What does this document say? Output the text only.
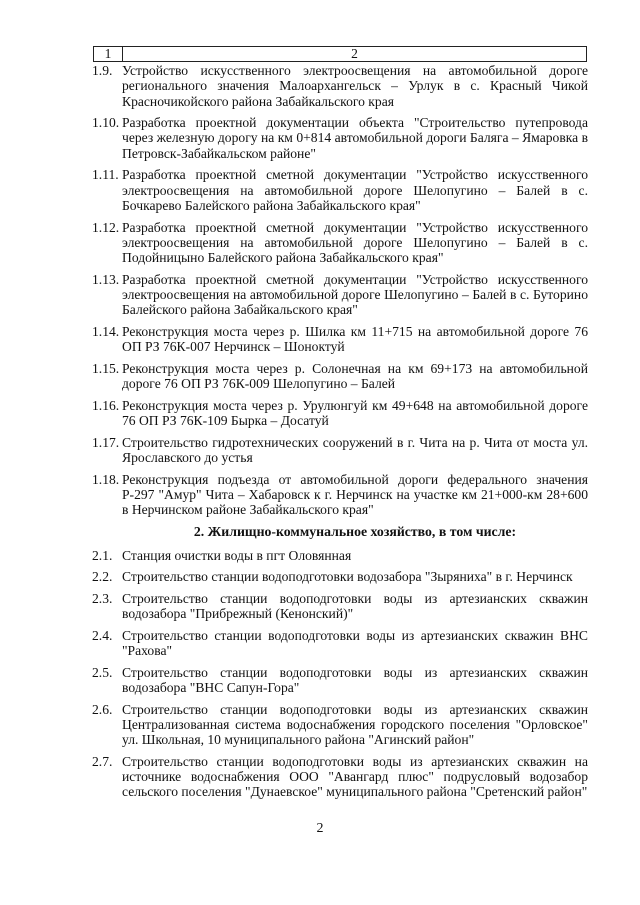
1	2
1.9. Устройство искусственного электроосвещения на автомобильной дороге регионального значения Малоархангельск – Урлук в с. Красный Чикой Красночикойского района Забайкальского края
1.10. Разработка проектной документации объекта "Строительство путепровода через железную дорогу на км 0+814 автомобильной дороги Баляга – Ямаровка в Петровск-Забайкальском районе"
1.11. Разработка проектной сметной документации "Устройство искусственного электроосвещения на автомобильной дороге Шелопугино – Балей в с. Бочкарево Балейского района Забайкальского края"
1.12. Разработка проектной сметной документации "Устройство искусственного электроосвещения на автомобильной дороге Шелопугино – Балей в с. Подойницыно Балейского района Забайкальского края"
1.13. Разработка проектной сметной документации "Устройство искусственного электроосвещения на автомобильной дороге Шелопугино – Балей в с. Буторино Балейского района Забайкальского края"
1.14. Реконструкция моста через р. Шилка км 11+715 на автомобильной дороге 76 ОП РЗ 76К-007 Нерчинск – Шоноктуй
1.15. Реконструкция моста через р. Солонечная на км 69+173 на автомобильной дороге 76 ОП РЗ 76К-009 Шелопугино – Балей
1.16. Реконструкция моста через р. Урулюнгуй км 49+648 на автомобильной дороге 76 ОП РЗ 76К-109 Бырка – Досатуй
1.17. Строительство гидротехнических сооружений в г. Чита на р. Чита от моста ул. Ярославского до устья
1.18. Реконструкция подъезда от автомобильной дороги федерального значения Р-297 "Амур" Чита – Хабаровск к г. Нерчинск на участке км 21+000-км 28+600 в Нерчинском районе Забайкальского края"
2. Жилищно-коммунальное хозяйство, в том числе:
2.1. Станция очистки воды в пгт Оловянная
2.2. Строительство станции водоподготовки водозабора "Зыряниха" в г. Нерчинск
2.3. Строительство станции водоподготовки воды из артезианских скважин водозабора "Прибрежный (Кенонский)"
2.4. Строительство станции водоподготовки воды из артезианских скважин ВНС "Рахова"
2.5. Строительство станции водоподготовки воды из артезианских скважин водозабора "ВНС Сапун-Гора"
2.6. Строительство станции водоподготовки воды из артезианских скважин Централизованная система водоснабжения городского поселения "Орловское" ул. Школьная, 10 муниципального района "Агинский район"
2.7. Строительство станции водоподготовки воды из артезианских скважин на источнике водоснабжения ООО "Авангард плюс" подрусловый водозабор сельского поселения "Дунаевское" муниципального района "Сретенский район"
2
